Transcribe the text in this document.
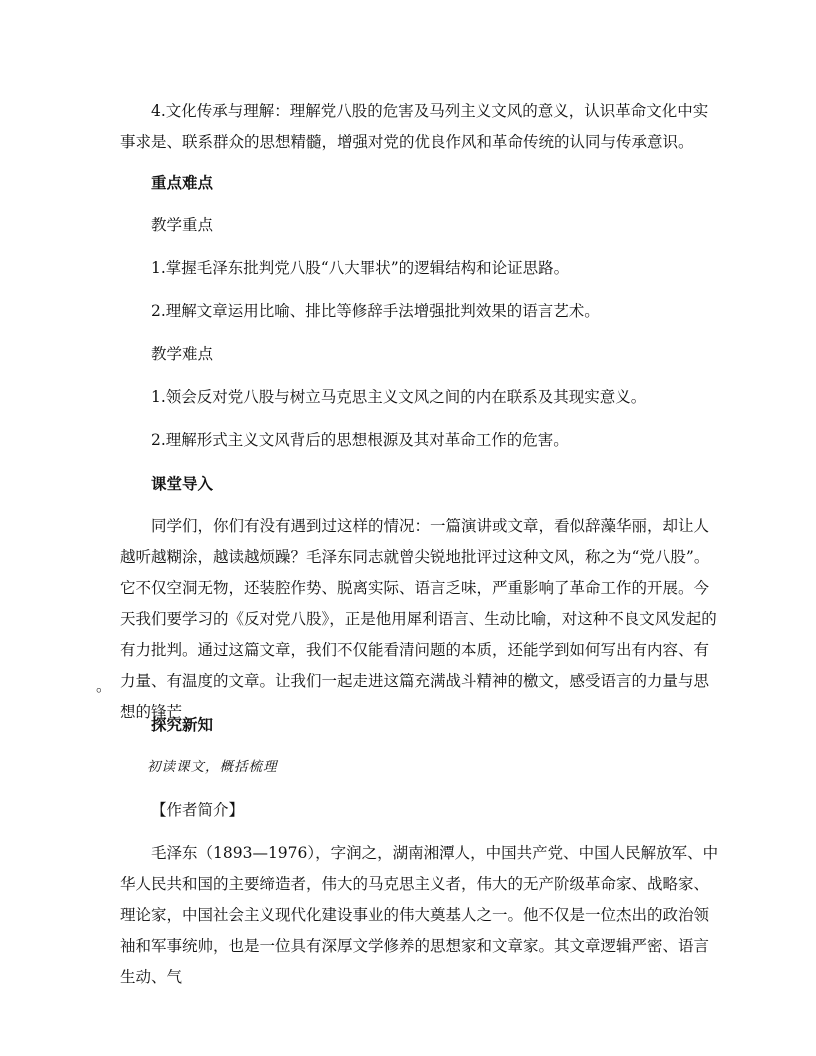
4.文化传承与理解：理解党八股的危害及马列主义文风的意义，认识革命文化中实事求是、联系群众的思想精髓，增强对党的优良作风和革命传统的认同与传承意识。

重点难点

教学重点

1.掌握毛泽东批判党八股“八大罪状”的逻辑结构和论证思路。

2.理解文章运用比喻、排比等修辞手法增强批判效果的语言艺术。

教学难点

1.领会反对党八股与树立马克思主义文风之间的内在联系及其现实意义。

2.理解形式主义文风背后的思想根源及其对革命工作的危害。

课堂导入

同学们，你们有没有遇到过这样的情况：一篇演讲或文章，看似辞藻华丽，却让人越听越糊涂，越读越烦躁？毛泽东同志就曾尖锐地批评过这种文风，称之为“党八股”。它不仅空洞无物，还装腔作势、脱离实际、语言乏味，严重影响了革命工作的开展。今天我们要学习的《反对党八股》，正是他用犀利语言、生动比喻，对这种不良文风发起的有力批判。通过这篇文章，我们不仅能看清问题的本质，还能学到如何写出有内容、有力量、有温度的文章。让我们一起走进这篇充满战斗精神的檄文，感受语言的力量与思想的锋芒

。

探究新知

初读课文，概括梳理

【作者简介】

毛泽东（1893—1976），字润之，湖南湘潭人，中国共产党、中国人民解放军、中华人民共和国的主要缔造者，伟大的马克思主义者，伟大的无产阶级革命家、战略家、理论家，中国社会主义现代化建设事业的伟大奠基人之一。他不仅是一位杰出的政治领袖和军事统帅，也是一位具有深厚文学修养的思想家和文章家。其文章逻辑严密、语言生动、气
